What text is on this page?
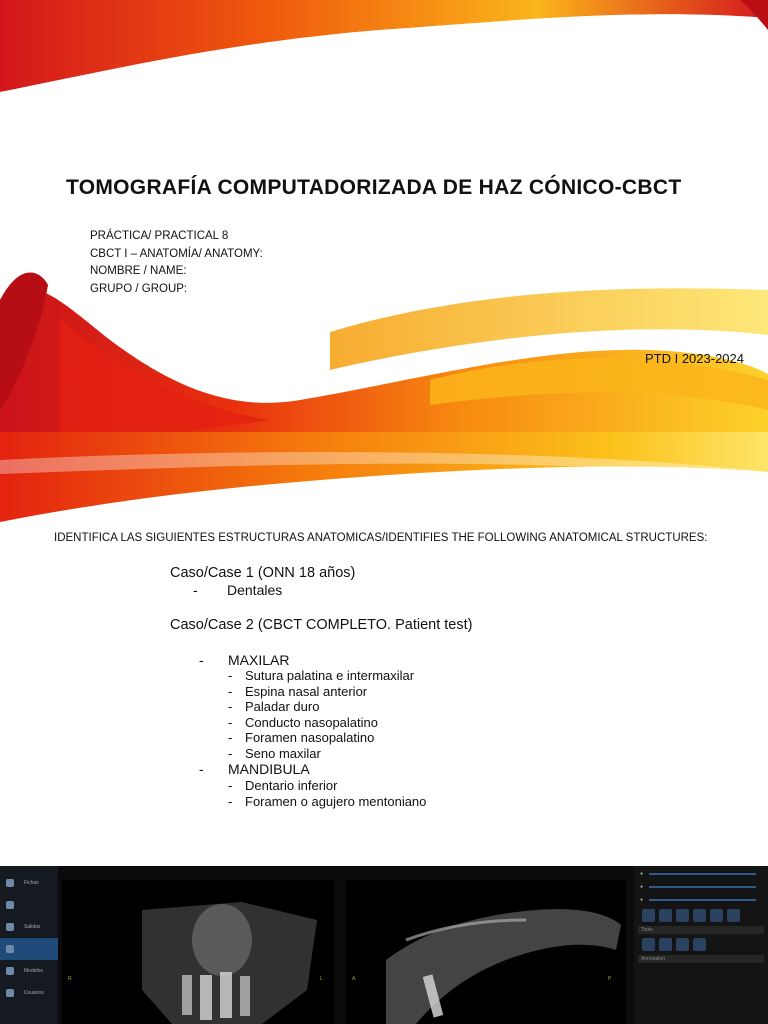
TOMOGRAFÍA COMPUTADORIZADA DE HAZ CÓNICO-CBCT
PRÁCTICA/ PRACTICAL 8
CBCT I – ANATOMÍA/ ANATOMY:
NOMBRE / NAME:
GRUPO / GROUP:
PTD I 2023-2024
IDENTIFICA LAS SIGUIENTES ESTRUCTURAS ANATOMICAS/IDENTIFIES THE FOLLOWING ANATOMICAL STRUCTURES:
Caso/Case 1 (ONN 18 años)
- Dentales
Caso/Case 2 (CBCT COMPLETO. Patient test)
- MAXILAR
- Sutura palatina e intermaxilar
- Espina nasal anterior
- Paladar duro
- Conducto nasopalatino
- Foramen nasopalatino
- Seno maxilar
- MANDIBULA
- Dentario inferior
- Foramen o agujero mentoniano
Fichas
Salidas
Modelos
Usuarios
R	L	A	P
●
●
●
Tools
Annotation
